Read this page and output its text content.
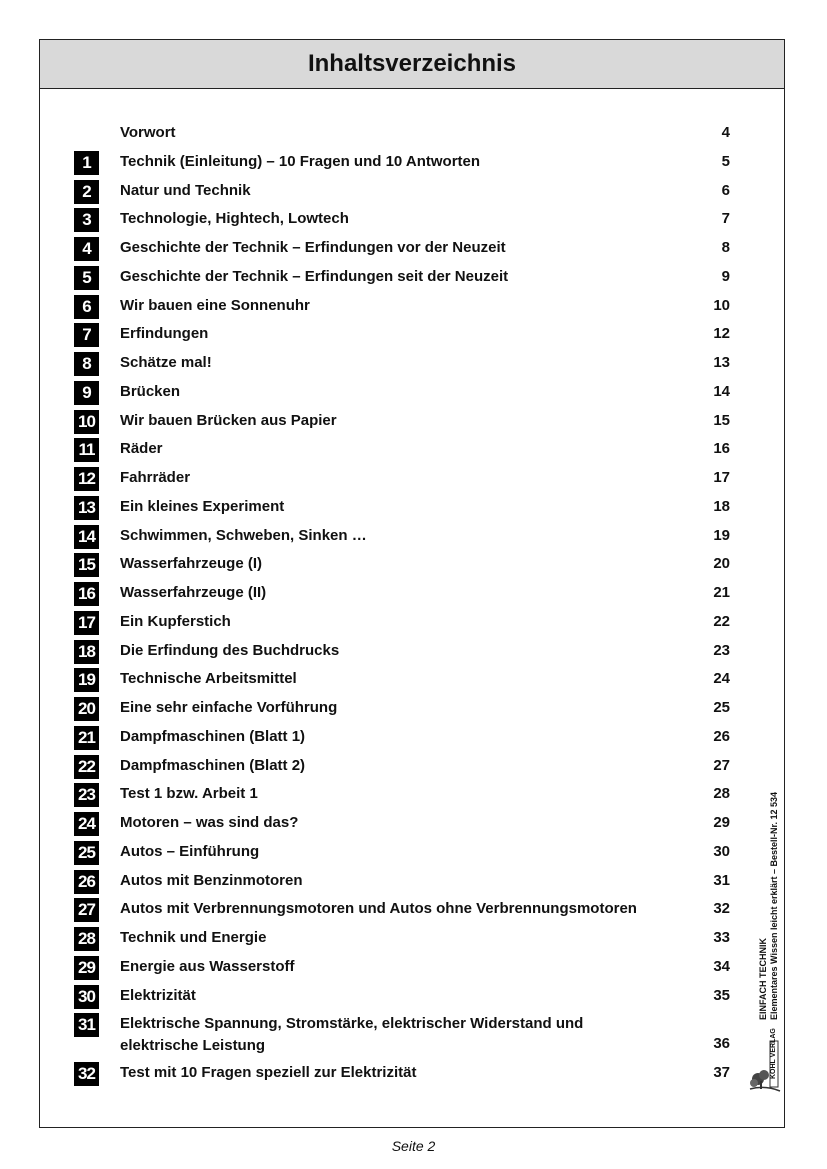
Inhaltsverzeichnis
Vorwort	4
1	Technik (Einleitung) – 10 Fragen und 10 Antworten	5
2	Natur und Technik	6
3	Technologie, Hightech, Lowtech	7
4	Geschichte der Technik – Erfindungen vor der Neuzeit	8
5	Geschichte der Technik – Erfindungen seit der Neuzeit	9
6	Wir bauen eine Sonnenuhr	10
7	Erfindungen	12
8	Schätze mal!	13
9	Brücken	14
10 Wir bauen Brücken aus Papier	15
11	Räder	16
12 Fahrräder	17
13 Ein kleines Experiment	18
14 Schwimmen, Schweben, Sinken …	19
15 Wasserfahrzeuge (I)	20
16 Wasserfahrzeuge (II)	21
17 Ein Kupferstich	22
18 Die Erfindung des Buchdrucks	23
19 Technische Arbeitsmittel	24
20 Eine sehr einfache Vorführung	25
21 Dampfmaschinen (Blatt 1)	26
22 Dampfmaschinen (Blatt 2)	27
23 Test 1 bzw. Arbeit 1	28
24 Motoren – was sind das?	29
25 Autos – Einführung	30
26 Autos mit Benzinmotoren	31
27 Autos mit Verbrennungsmotoren und Autos ohne Verbrennungsmotoren	32
28 Technik und Energie	33
29 Energie aus Wasserstoff	34
30 Elektrizität	35
31 Elektrische Spannung, Stromstärke, elektrischer Widerstand und elektrische Leistung	36
32 Test mit 10 Fragen speziell zur Elektrizität	37
EINFACH TECHNIK Elementares Wissen leicht erklärt – Bestell-Nr. 12 534
KOHL VERLAG
Seite 2
